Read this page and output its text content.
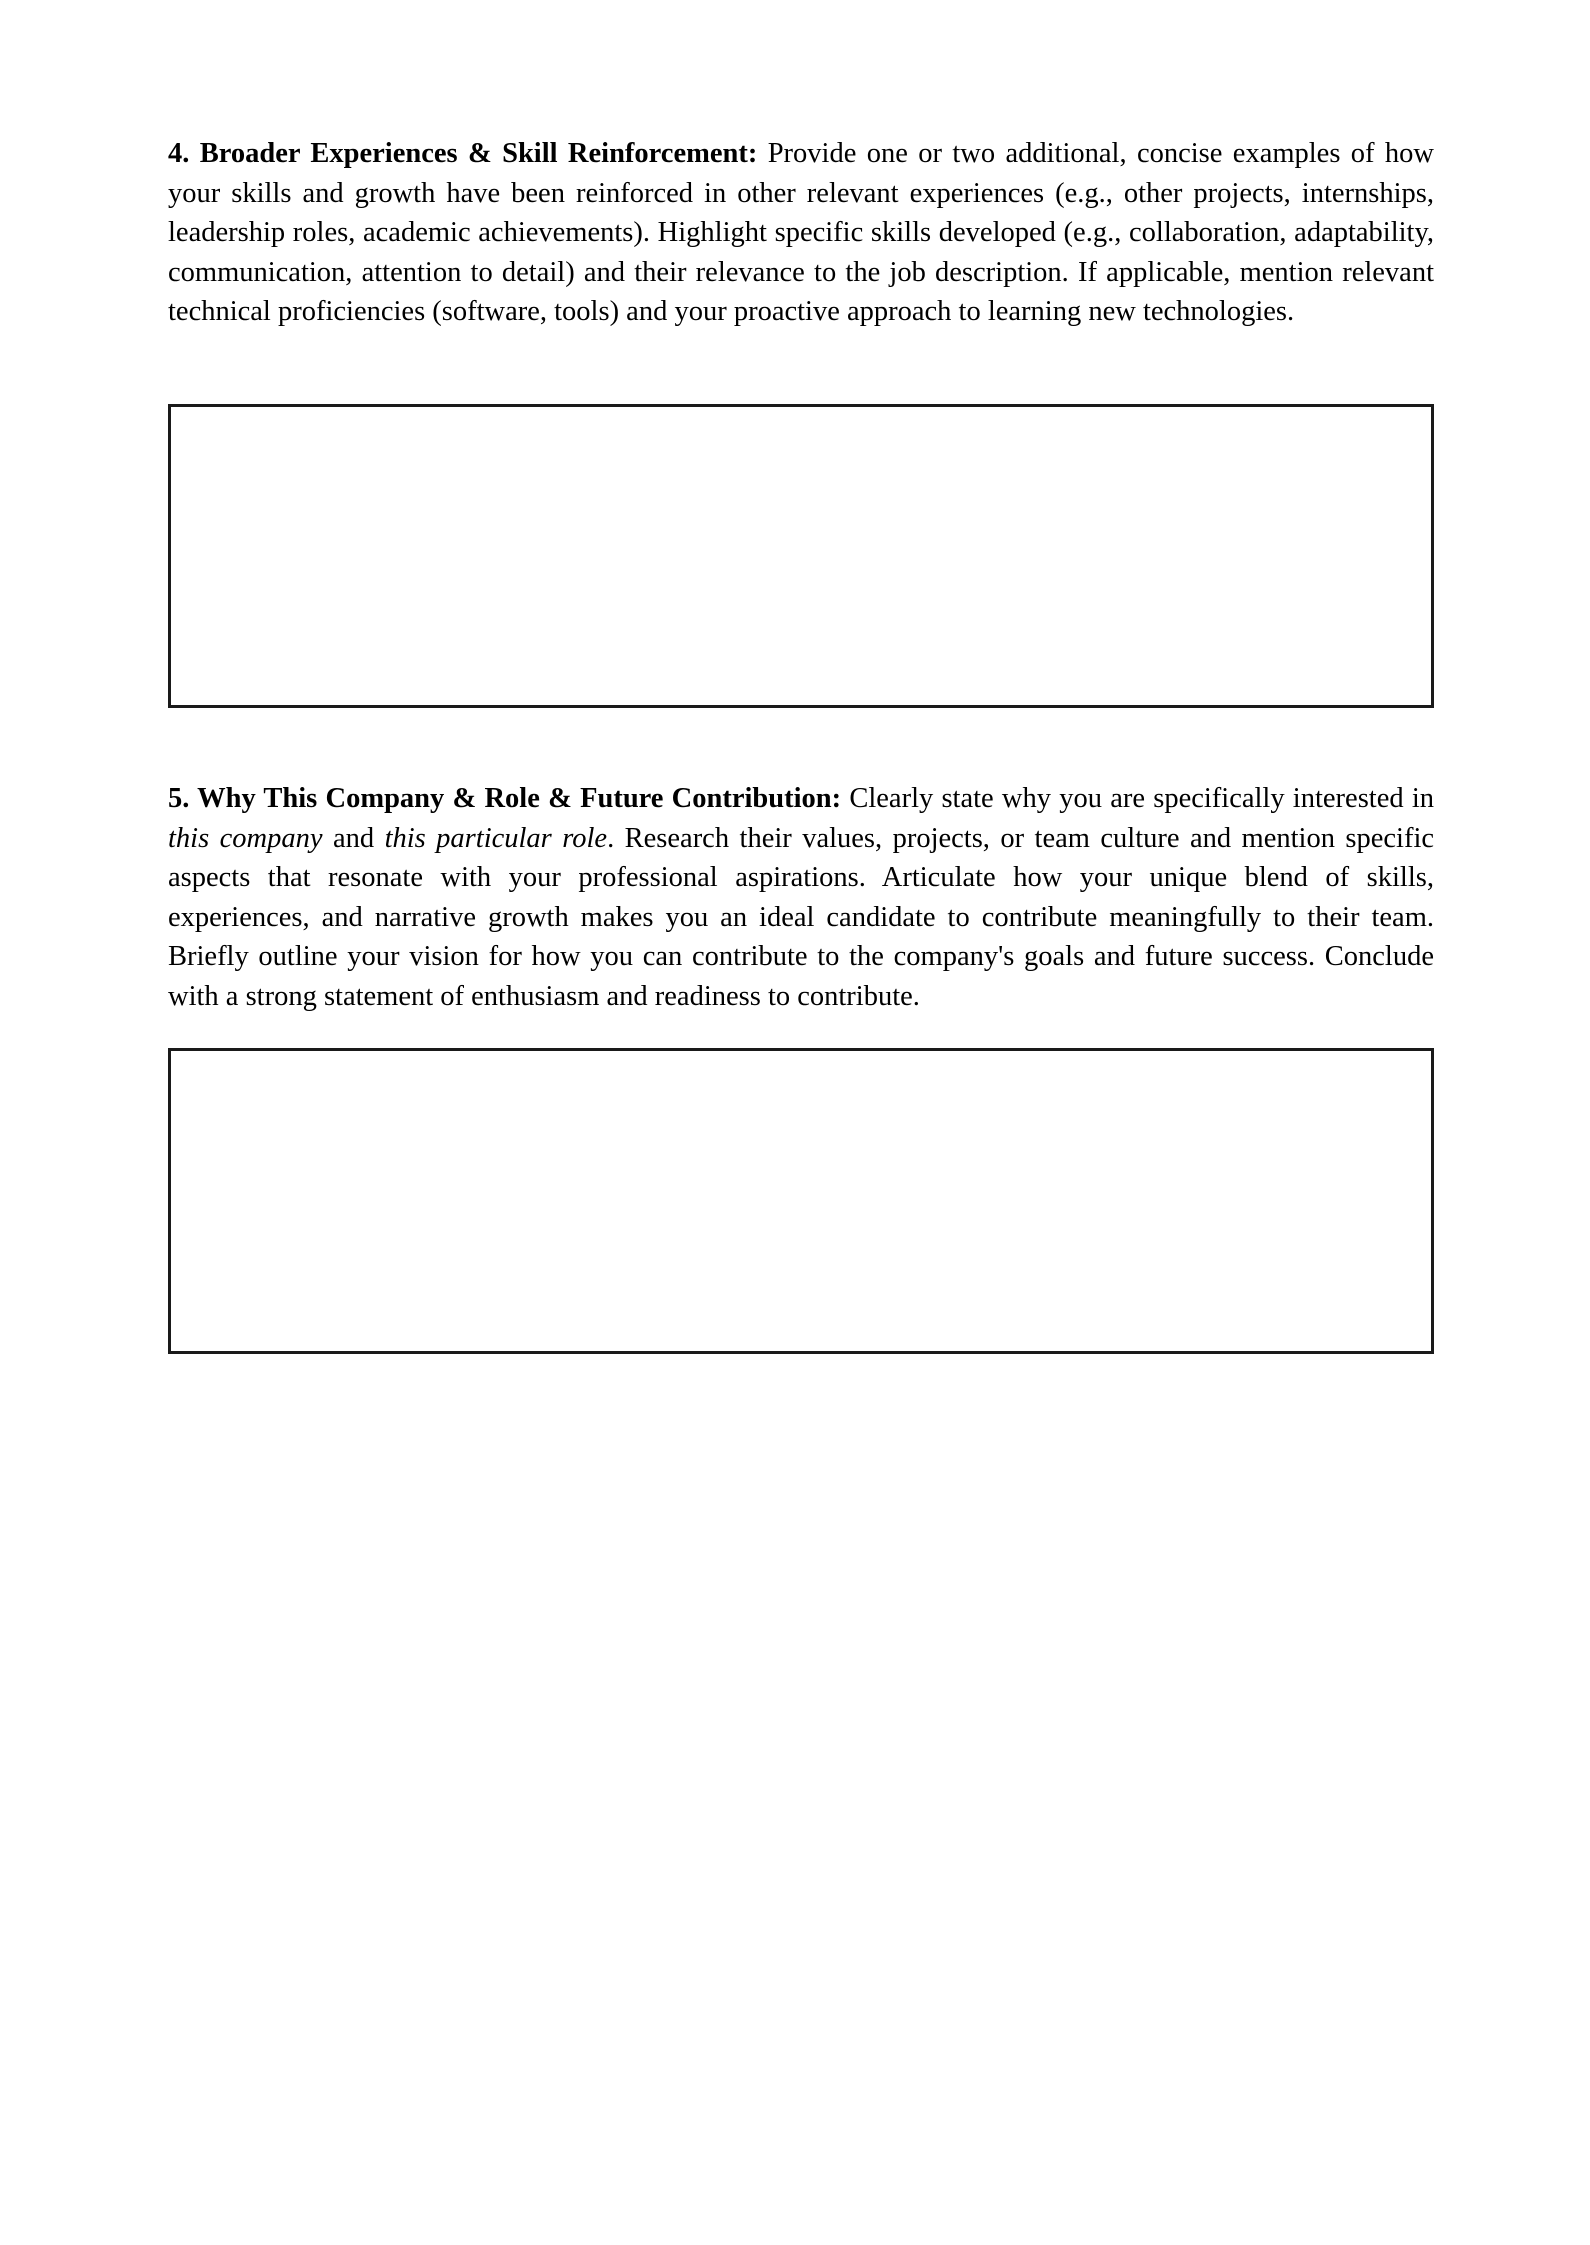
4. Broader Experiences & Skill Reinforcement: Provide one or two additional, concise examples of how your skills and growth have been reinforced in other relevant experiences (e.g., other projects, internships, leadership roles, academic achievements). Highlight specific skills developed (e.g., collaboration, adaptability, communication, attention to detail) and their relevance to the job description. If applicable, mention relevant technical proficiencies (software, tools) and your proactive approach to learning new technologies.

5. Why This Company & Role & Future Contribution: Clearly state why you are specifically interested in this company and this particular role. Research their values, projects, or team culture and mention specific aspects that resonate with your professional aspirations. Articulate how your unique blend of skills, experiences, and narrative growth makes you an ideal candidate to contribute meaningfully to their team. Briefly outline your vision for how you can contribute to the company's goals and future success. Conclude with a strong statement of enthusiasm and readiness to contribute.
